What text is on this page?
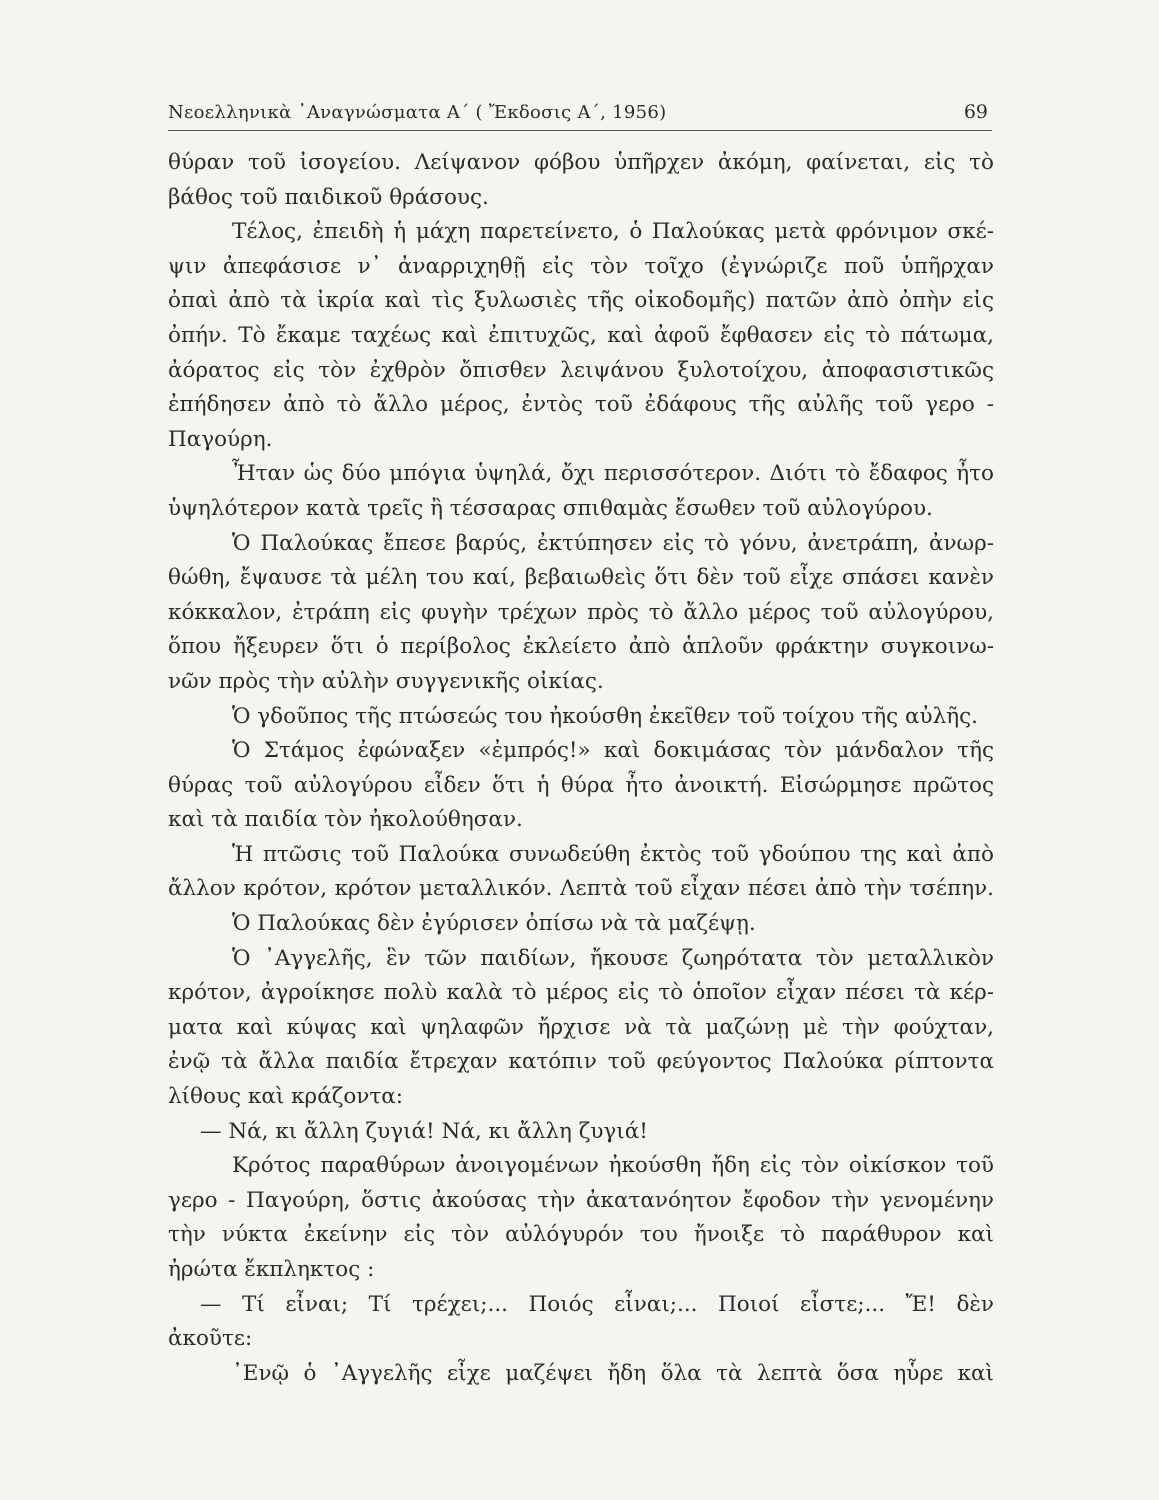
Νεοελληνικὰ ᾿Αναγνώσματα Α΄ ( Ἔκδοσις Α΄, 1956)	69
θύραν τοῦ ἰσογείου. Λείψανον φόβου ὑπῆρχεν ἀκόμη, φαίνεται, εἰς τὸ
βάθος τοῦ παιδικοῦ θράσους.
Τέλος, ἐπειδὴ ἡ μάχη παρετείνετο, ὁ Παλούκας μετὰ φρόνιμον σκέ-
ψιν ἀπεφάσισε ν᾿ ἀναρριχηθῇ εἰς τὸν τοῖχο (ἐγνώριζε ποῦ ὑπῆρχαν
ὀπαὶ ἀπὸ τὰ ἰκρία καὶ τὶς ξυλωσιὲς τῆς οἰκοδομῆς) πατῶν ἀπὸ ὀπὴν εἰς
ὀπήν. Τὸ ἔκαμε ταχέως καὶ ἐπιτυχῶς, καὶ ἀφοῦ ἔφθασεν εἰς τὸ πάτωμα,
ἀόρατος εἰς τὸν ἐχθρὸν ὄπισθεν λειψάνου ξυλοτοίχου, ἀποφασιστικῶς
ἐπήδησεν ἀπὸ τὸ ἄλλο μέρος, ἐντὸς τοῦ ἐδάφους τῆς αὐλῆς τοῦ γερο -
Παγούρη.
Ἦταν ὡς δύο μπόγια ὑψηλά, ὄχι περισσότερον. Διότι τὸ ἔδαφος ἦτο
ὑψηλότερον κατὰ τρεῖς ἢ τέσσαρας σπιθαμὰς ἔσωθεν τοῦ αὐλογύρου.
Ὁ Παλούκας ἔπεσε βαρύς, ἐκτύπησεν εἰς τὸ γόνυ, ἀνετράπη, ἀνωρ-
θώθη, ἔψαυσε τὰ μέλη του καί, βεβαιωθεὶς ὅτι δὲν τοῦ εἶχε σπάσει κανὲν
κόκκαλον, ἐτράπη εἰς φυγὴν τρέχων πρὸς τὸ ἄλλο μέρος τοῦ αὐλογύρου,
ὅπου ἤξευρεν ὅτι ὁ περίβολος ἐκλείετο ἀπὸ ἁπλοῦν φράκτην συγκοινω-
νῶν πρὸς τὴν αὐλὴν συγγενικῆς οἰκίας.
Ὁ γδοῦπος τῆς πτώσεώς του ἠκούσθη ἐκεῖθεν τοῦ τοίχου τῆς αὐλῆς.
Ὁ Στάμος ἐφώναξεν «ἐμπρός!» καὶ δοκιμάσας τὸν μάνδαλον τῆς
θύρας τοῦ αὐλογύρου εἶδεν ὅτι ἡ θύρα ἦτο ἀνοικτή. Εἰσώρμησε πρῶτος
καὶ τὰ παιδία τὸν ἠκολούθησαν.
Ἡ πτῶσις τοῦ Παλούκα συνωδεύθη ἐκτὸς τοῦ γδούπου της καὶ ἀπὸ
ἄλλον κρότον, κρότον μεταλλικόν. Λεπτὰ τοῦ εἶχαν πέσει ἀπὸ τὴν τσέπην.
Ὁ Παλούκας δὲν ἐγύρισεν ὀπίσω νὰ τὰ μαζέψῃ.
Ὁ ᾿Αγγελῆς, ἓν τῶν παιδίων, ἤκουσε ζωηρότατα τὸν μεταλλικὸν
κρότον, ἀγροίκησε πολὺ καλὰ τὸ μέρος εἰς τὸ ὁποῖον εἶχαν πέσει τὰ κέρ-
ματα καὶ κύψας καὶ ψηλαφῶν ἤρχισε νὰ τὰ μαζώνῃ μὲ τὴν φούχταν,
ἐνῷ τὰ ἄλλα παιδία ἔτρεχαν κατόπιν τοῦ φεύγοντος Παλούκα ρίπτοντα
λίθους καὶ κράζοντα:
— Νά, κι ἄλλη ζυγιά! Νά, κι ἄλλη ζυγιά!
Κρότος παραθύρων ἀνοιγομένων ἠκούσθη ἤδη εἰς τὸν οἰκίσκον τοῦ
γερο - Παγούρη, ὅστις ἀκούσας τὴν ἀκατανόητον ἔφοδον τὴν γενομένην
τὴν νύκτα ἐκείνην εἰς τὸν αὐλόγυρόν του ἤνοιξε τὸ παράθυρον καὶ
ἠρώτα ἔκπληκτος :
— Τί εἶναι; Τί τρέχει;... Ποιός εἶναι;... Ποιοί εἶστε;... Ἔ! δὲν
ἀκοῦτε:
᾿Ενῷ ὁ ᾿Αγγελῆς εἶχε μαζέψει ἤδη ὅλα τὰ λεπτὰ ὅσα ηὗρε καὶ
